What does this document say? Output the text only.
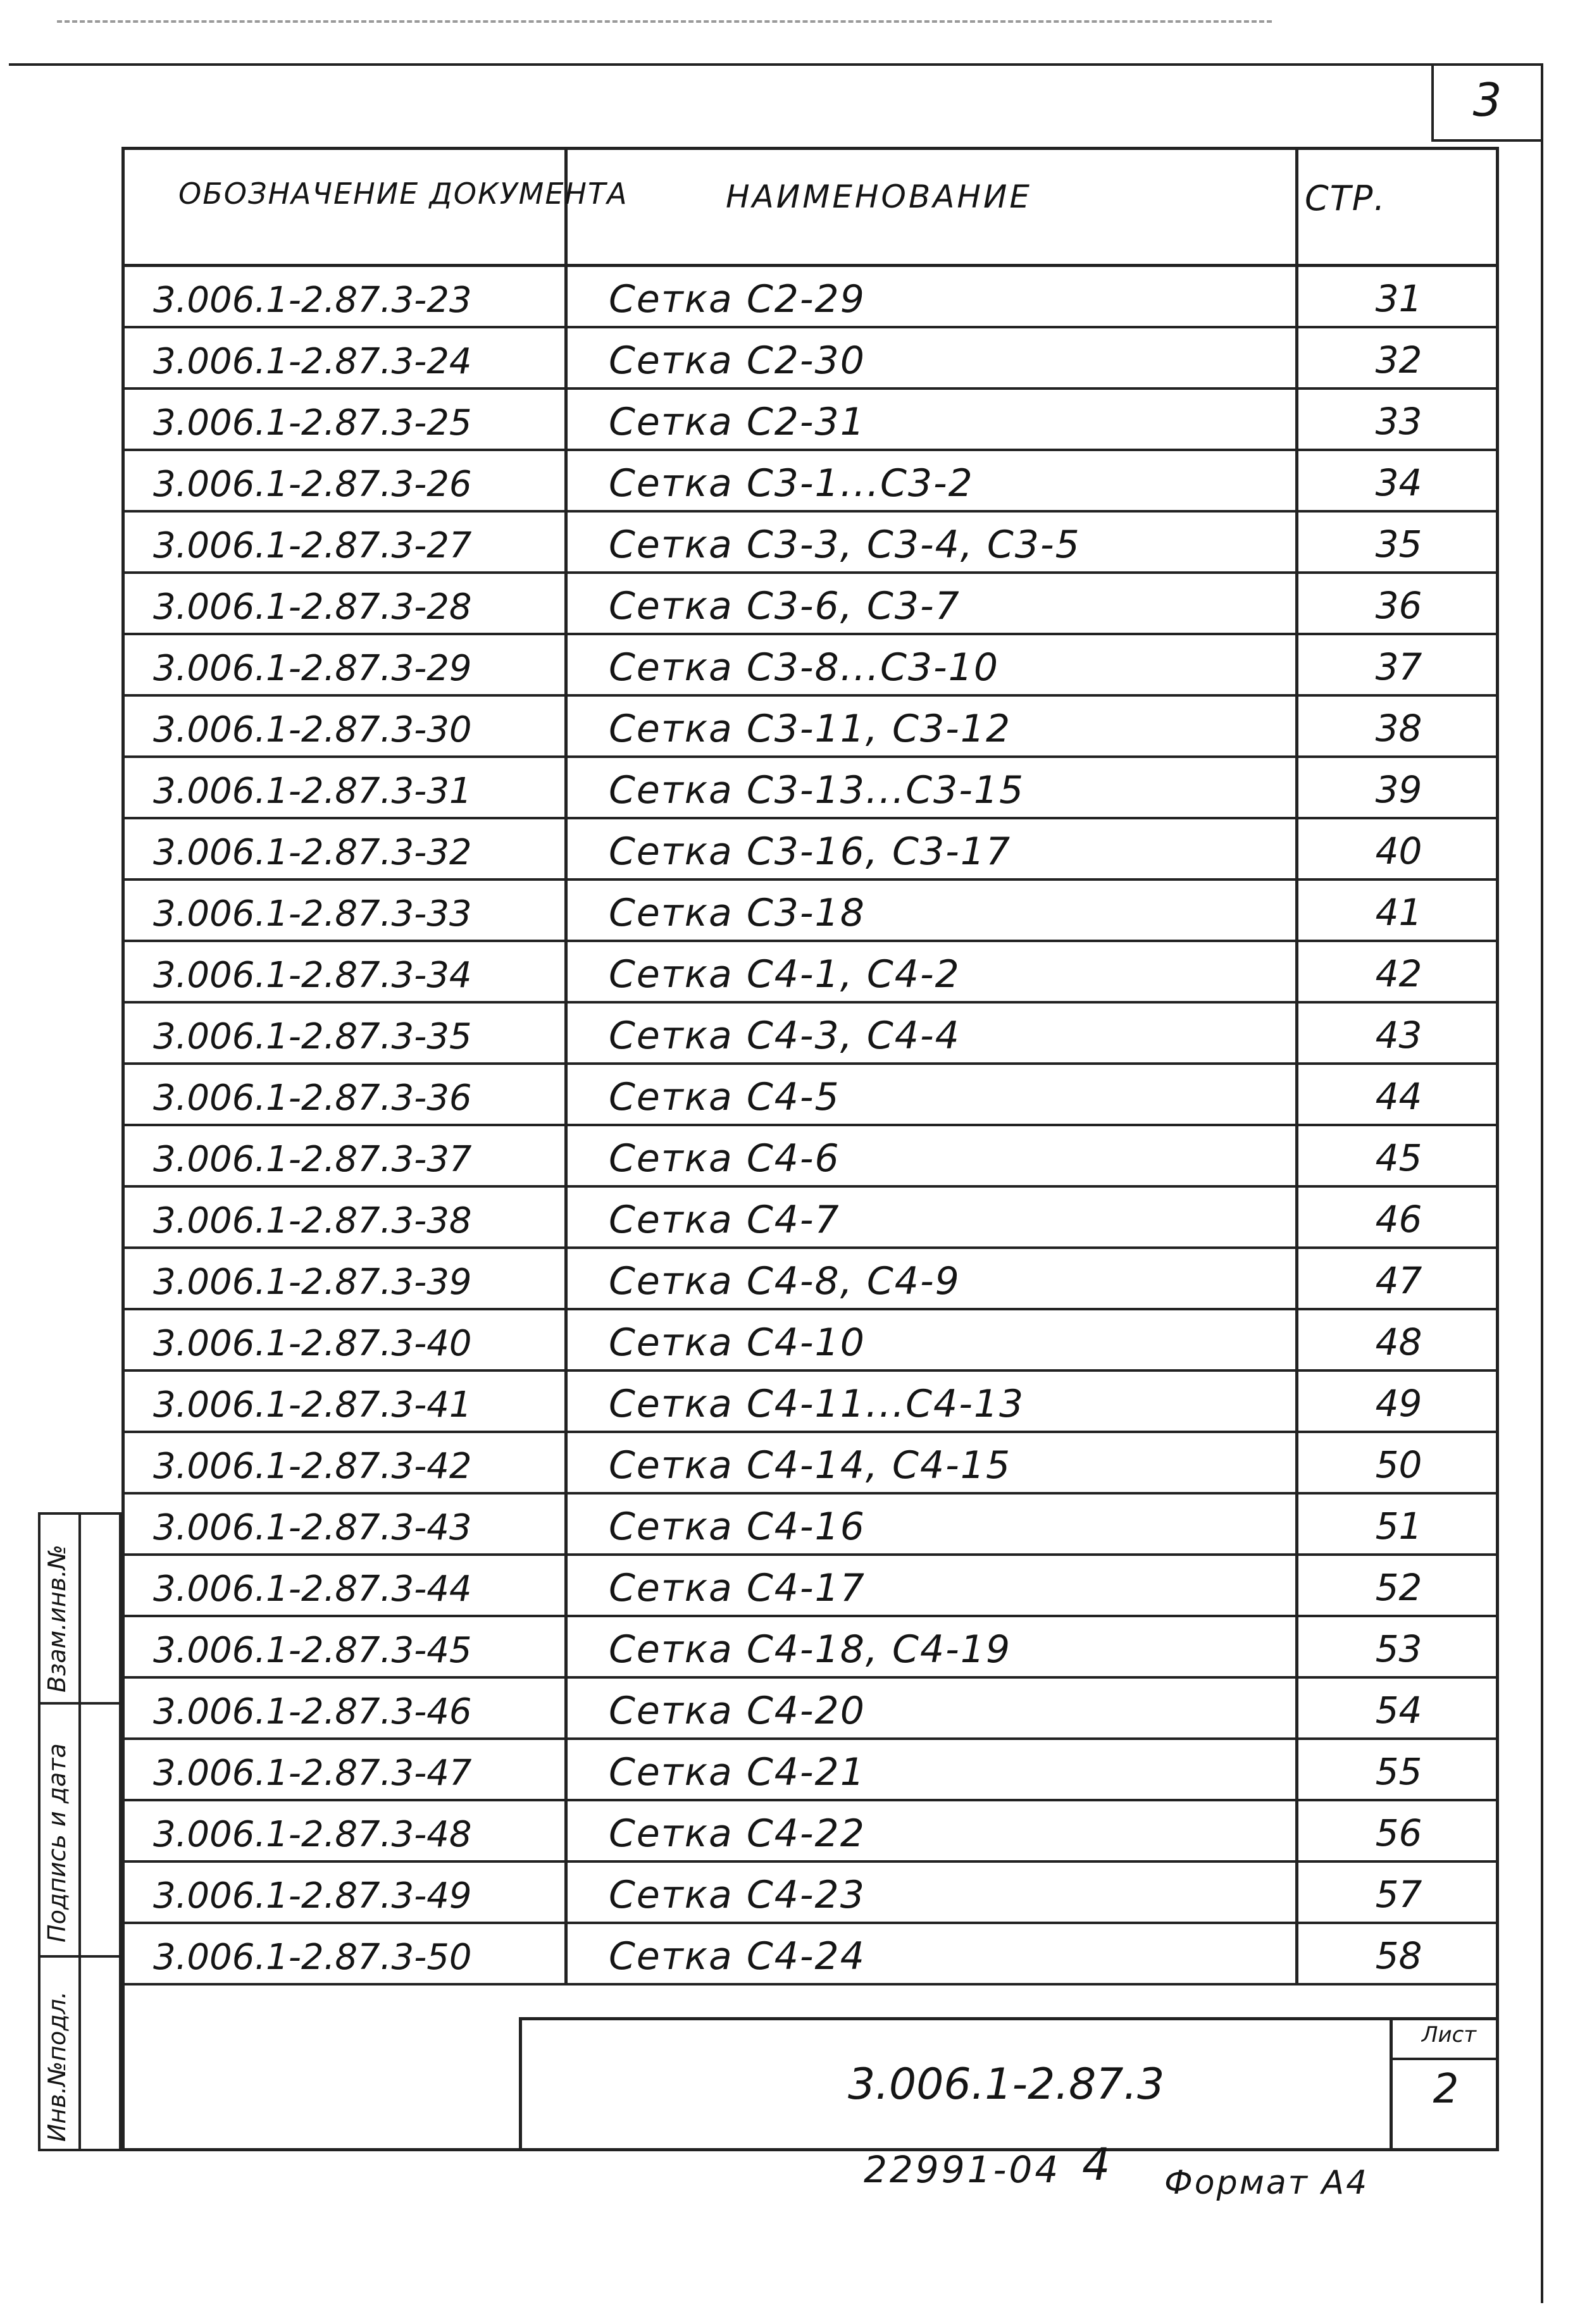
3
ОБОЗНАЧЕНИЕ ДОКУМЕНТА	НАИМЕНОВАНИЕ	СТР.
3.006.1-2.87.3-23	Сетка С2-29	31
3.006.1-2.87.3-24	Сетка С2-30	32
3.006.1-2.87.3-25	Сетка С2-31	33
3.006.1-2.87.3-26	Сетка С3-1...С3-2	34
3.006.1-2.87.3-27	Сетка С3-3, С3-4, С3-5	35
3.006.1-2.87.3-28	Сетка С3-6, С3-7	36
3.006.1-2.87.3-29	Сетка С3-8...С3-10	37
3.006.1-2.87.3-30	Сетка С3-11, С3-12	38
3.006.1-2.87.3-31	Сетка С3-13...С3-15	39
3.006.1-2.87.3-32	Сетка С3-16, С3-17	40
3.006.1-2.87.3-33	Сетка С3-18	41
3.006.1-2.87.3-34	Сетка С4-1, С4-2	42
3.006.1-2.87.3-35	Сетка С4-3, С4-4	43
3.006.1-2.87.3-36	Сетка С4-5	44
3.006.1-2.87.3-37	Сетка С4-6	45
3.006.1-2.87.3-38	Сетка С4-7	46
3.006.1-2.87.3-39	Сетка С4-8, С4-9	47
3.006.1-2.87.3-40	Сетка С4-10	48
3.006.1-2.87.3-41	Сетка С4-11...С4-13	49
3.006.1-2.87.3-42	Сетка С4-14, С4-15	50
3.006.1-2.87.3-43	Сетка С4-16	51
3.006.1-2.87.3-44	Сетка С4-17	52
3.006.1-2.87.3-45	Сетка С4-18, С4-19	53
3.006.1-2.87.3-46	Сетка С4-20	54
3.006.1-2.87.3-47	Сетка С4-21	55
3.006.1-2.87.3-48	Сетка С4-22	56
3.006.1-2.87.3-49	Сетка С4-23	57
3.006.1-2.87.3-50	Сетка С4-24	58
Лист
3.006.1-2.87.3	2
Взам.инв.№
Подпись и дата
Инв.№подл.
22991-04 4 Формат А4
